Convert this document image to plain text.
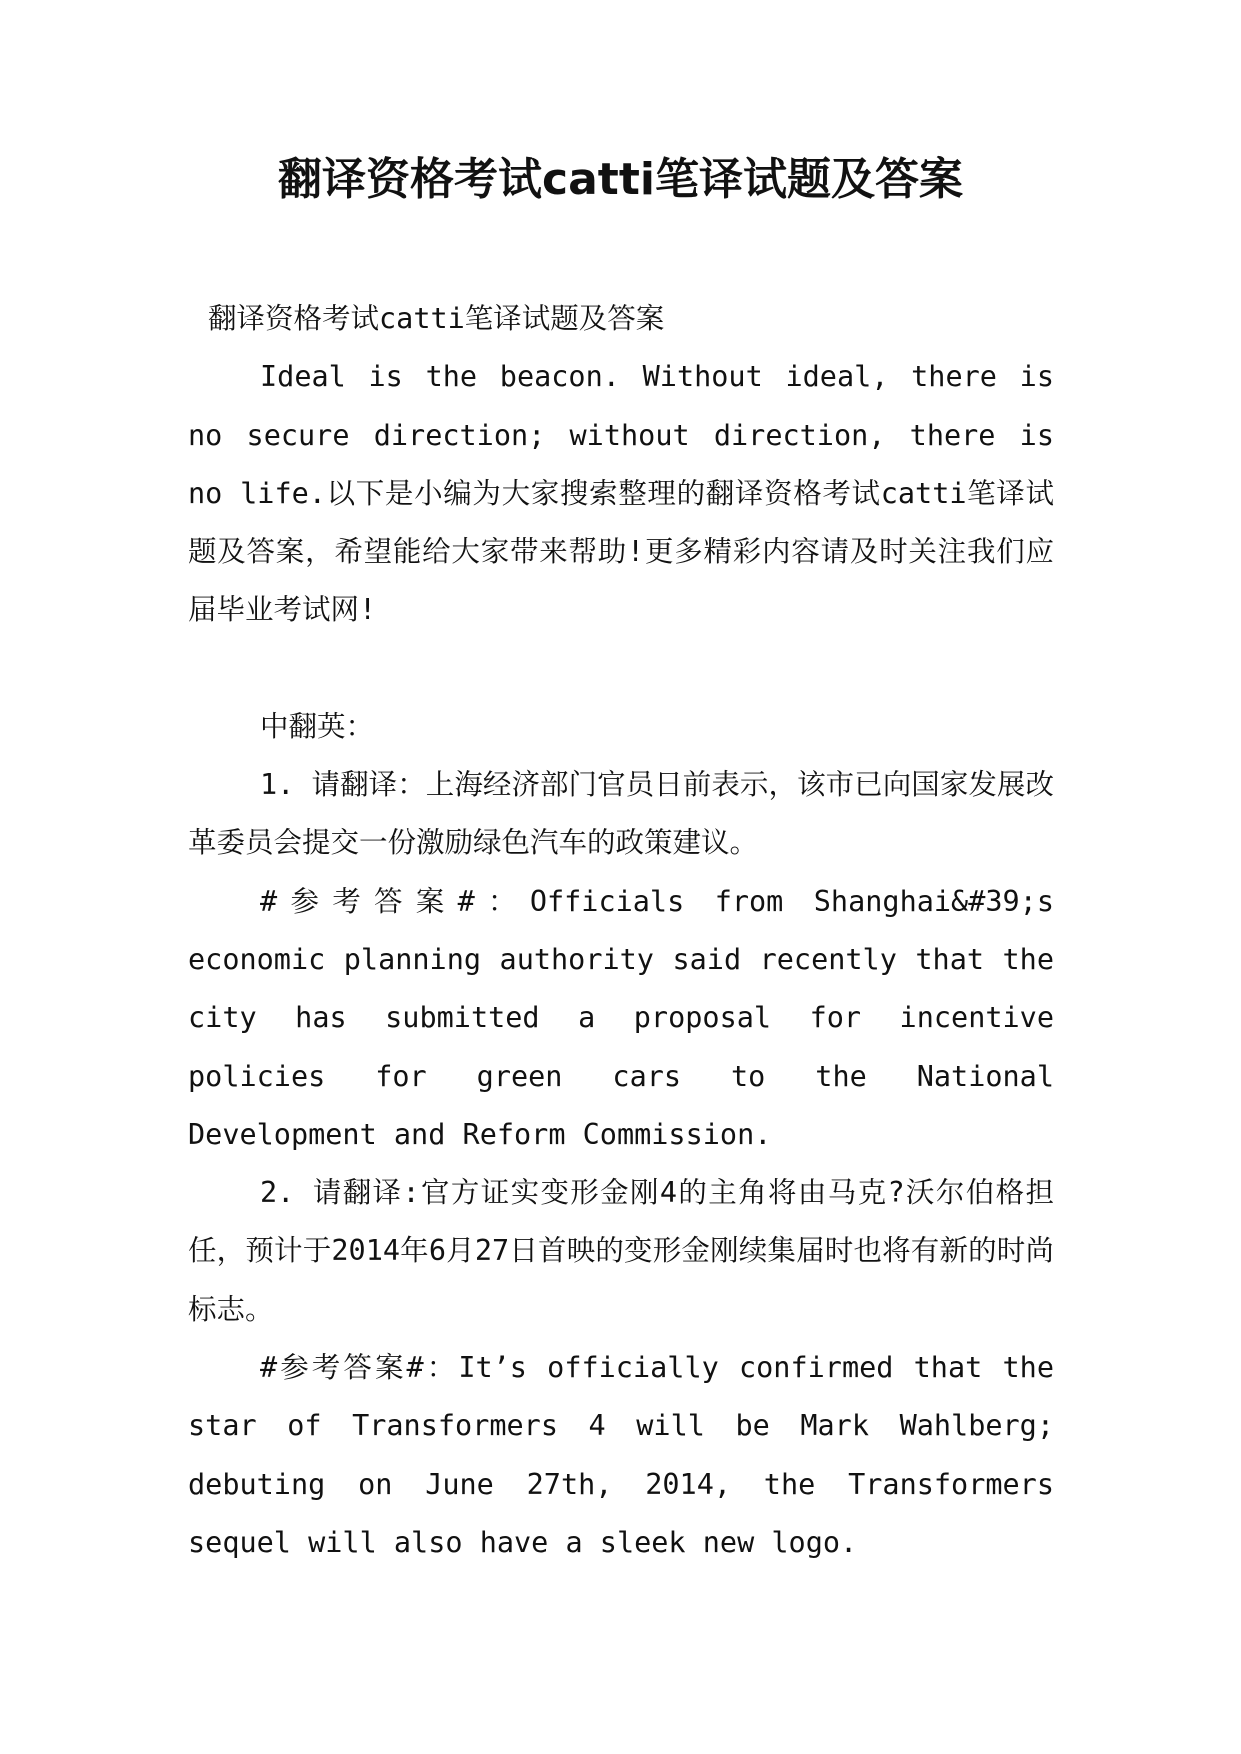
翻译资格考试catti笔译试题及答案

翻译资格考试catti笔译试题及答案

Ideal is the beacon. Without ideal, there is no secure direction; without direction, there is no life.以下是小编为大家搜索整理的翻译资格考试catti笔译试题及答案，希望能给大家带来帮助!更多精彩内容请及时关注我们应届毕业考试网!

中翻英：

1. 请翻译：上海经济部门官员日前表示，该市已向国家发展改革委员会提交一份激励绿色汽车的政策建议。

#参考答案#：Officials from Shanghai&#39;s economic planning authority said recently that the city has submitted a proposal for incentive policies for green cars to the National Development and Reform Commission.

2. 请翻译:官方证实变形金刚4的主角将由马克?沃尔伯格担任，预计于2014年6月27日首映的变形金刚续集届时也将有新的时尚标志。

#参考答案#：It’s officially confirmed that the star of Transformers 4 will be Mark Wahlberg; debuting on June 27th, 2014, the Transformers sequel will also have a sleek new logo.
